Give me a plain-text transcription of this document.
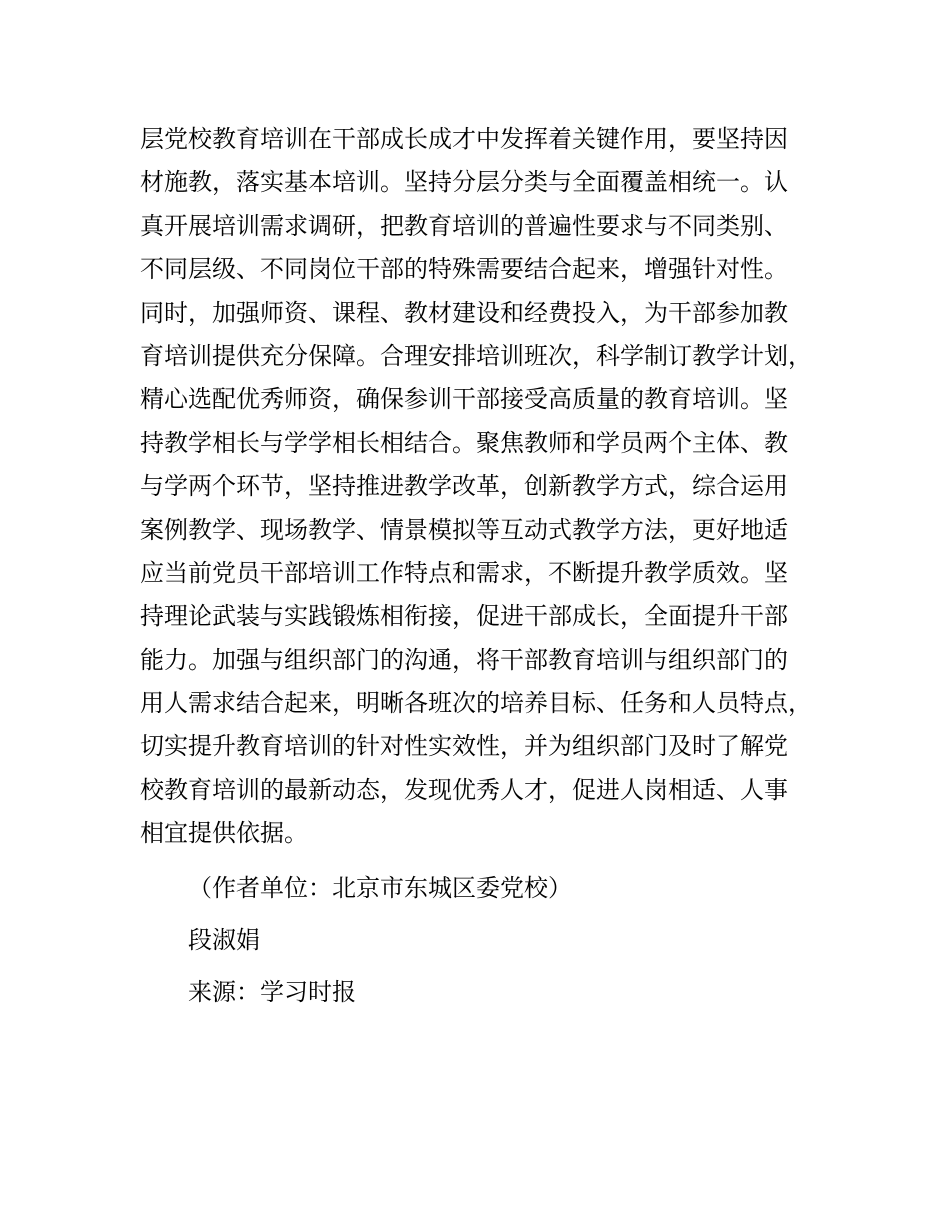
层党校教育培训在干部成长成才中发挥着关键作用，要坚持因
材施教，落实基本培训。坚持分层分类与全面覆盖相统一。认
真开展培训需求调研，把教育培训的普遍性要求与不同类别、
不同层级、不同岗位干部的特殊需要结合起来，增强针对性。
同时，加强师资、课程、教材建设和经费投入，为干部参加教
育培训提供充分保障。合理安排培训班次，科学制订教学计划，
精心选配优秀师资，确保参训干部接受高质量的教育培训。坚
持教学相长与学学相长相结合。聚焦教师和学员两个主体、教
与学两个环节，坚持推进教学改革，创新教学方式，综合运用
案例教学、现场教学、情景模拟等互动式教学方法，更好地适
应当前党员干部培训工作特点和需求，不断提升教学质效。坚
持理论武装与实践锻炼相衔接，促进干部成长，全面提升干部
能力。加强与组织部门的沟通，将干部教育培训与组织部门的
用人需求结合起来，明晰各班次的培养目标、任务和人员特点，
切实提升教育培训的针对性实效性，并为组织部门及时了解党
校教育培训的最新动态，发现优秀人才，促进人岗相适、人事
相宜提供依据。
（作者单位：北京市东城区委党校）
段淑娟
来源：学习时报
